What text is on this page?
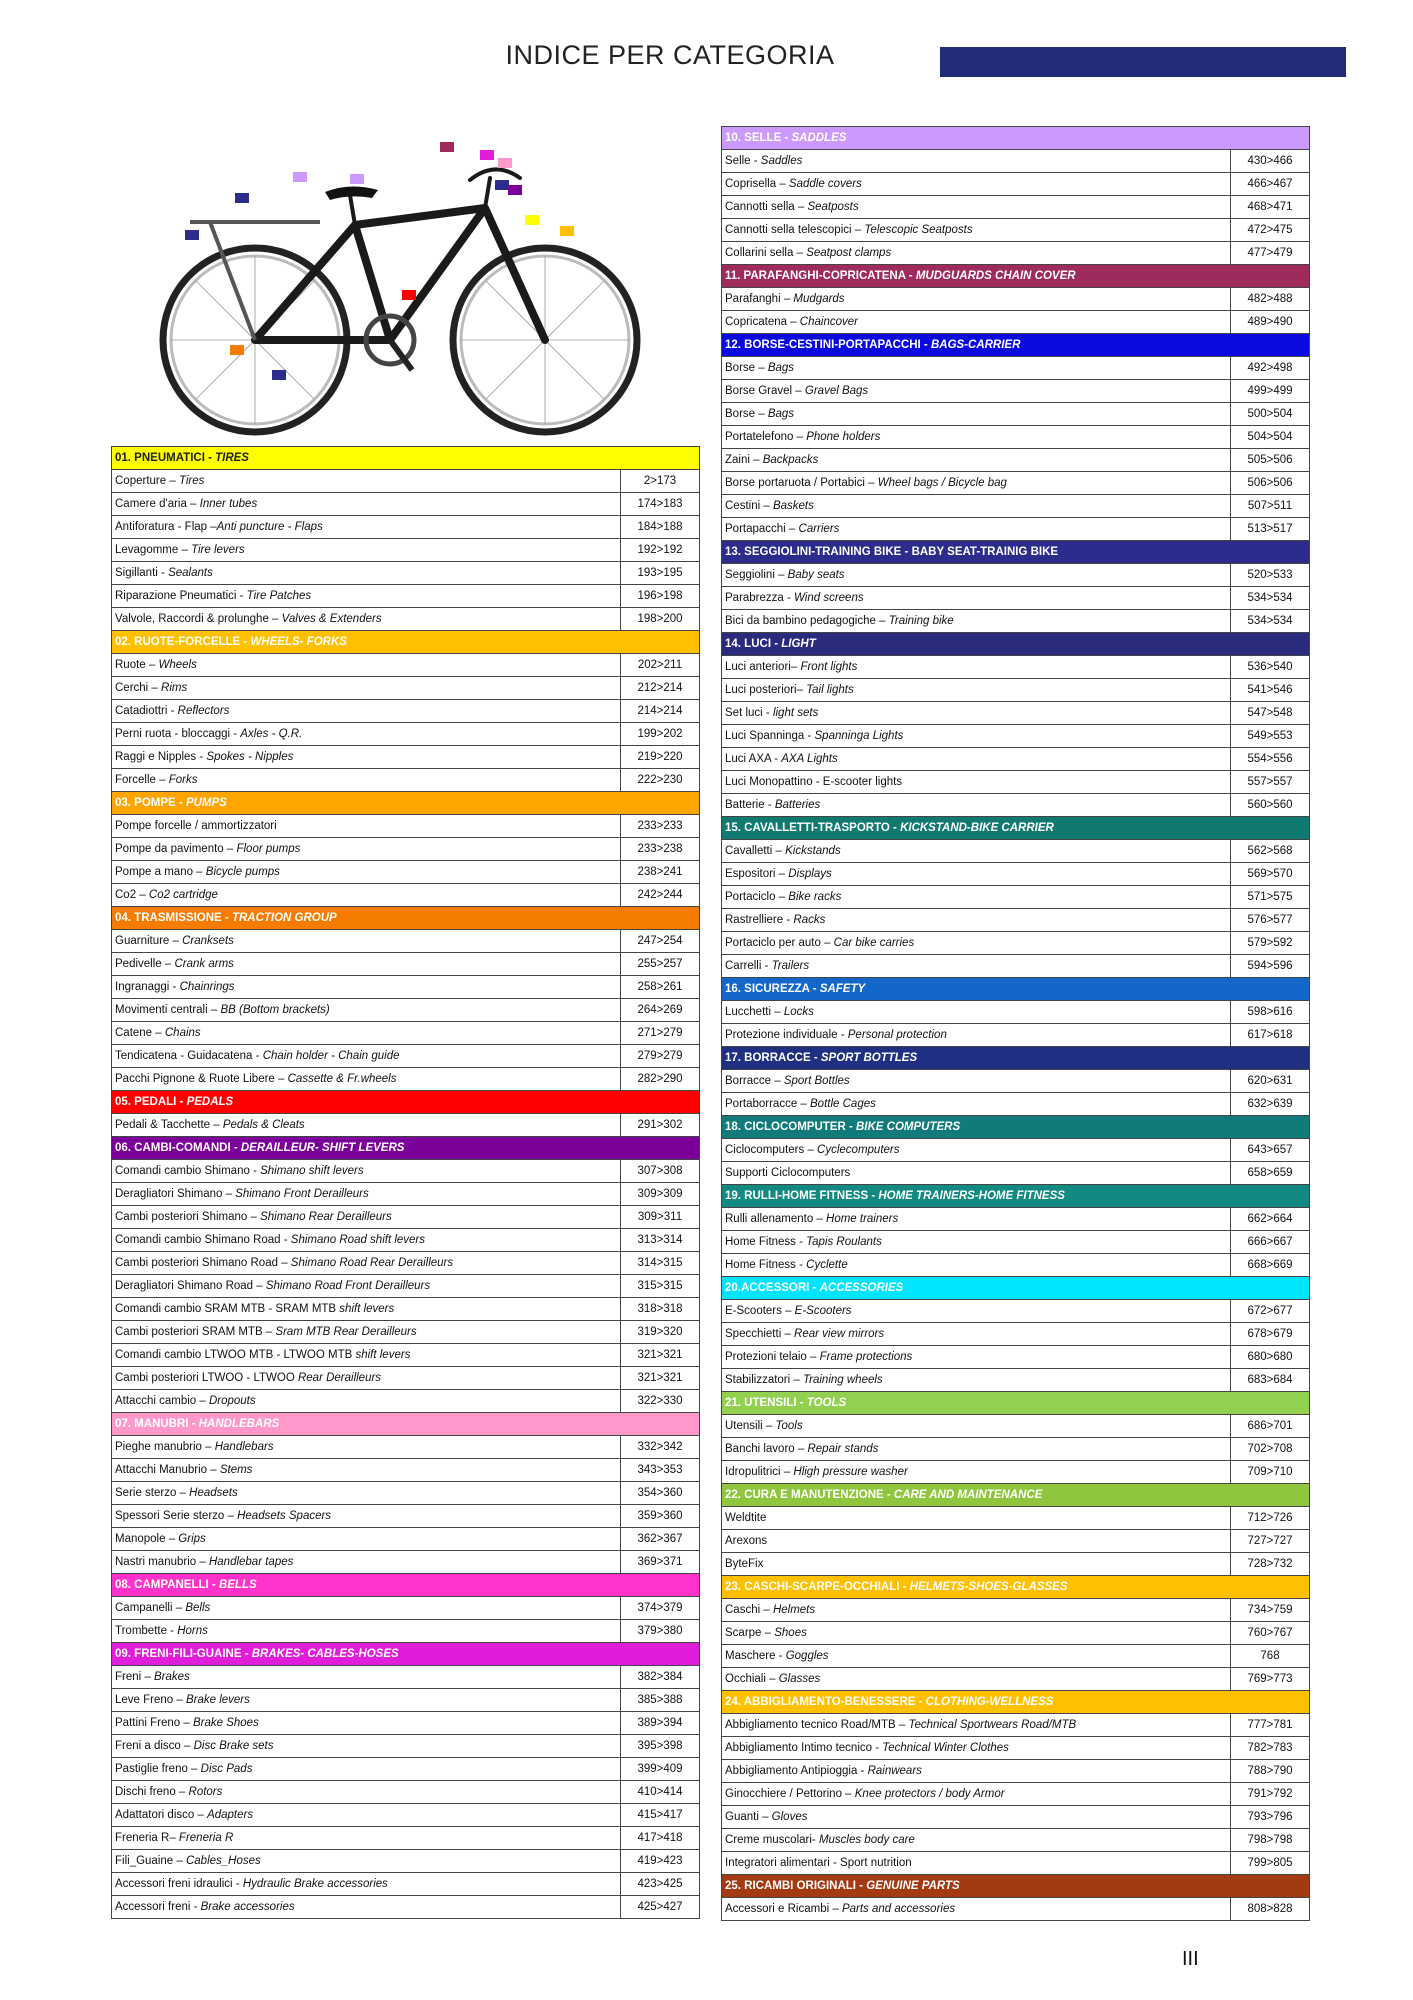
INDICE PER CATEGORIA
01. PNEUMATICI - TIRES
Coperture – Tires	2>173
Camere d'aria – Inner tubes	174>183
Antiforatura - Flap –Anti puncture - Flaps	184>188
Levagomme – Tire levers	192>192
Sigillanti - Sealants	193>195
Riparazione Pneumatici - Tire Patches	196>198
Valvole, Raccordi & prolunghe – Valves & Extenders	198>200
02. RUOTE-FORCELLE - WHEELS- FORKS
Ruote – Wheels	202>211
Cerchi – Rims	212>214
Catadiottri - Reflectors	214>214
Perni ruota - bloccaggi - Axles - Q.R.	199>202
Raggi e Nipples - Spokes - Nipples	219>220
Forcelle – Forks	222>230
03. POMPE - PUMPS
Pompe forcelle / ammortizzatori	233>233
Pompe da pavimento – Floor pumps	233>238
Pompe a mano – Bicycle pumps	238>241
Co2 – Co2 cartridge	242>244
04. TRASMISSIONE - TRACTION GROUP
Guarniture – Cranksets	247>254
Pedivelle – Crank arms	255>257
Ingranaggi - Chainrings	258>261
Movimenti centrali – BB (Bottom brackets)	264>269
Catene – Chains	271>279
Tendicatena - Guidacatena - Chain holder - Chain guide	279>279
Pacchi Pignone & Ruote Libere – Cassette & Fr.wheels	282>290
05. PEDALI - PEDALS
Pedali & Tacchette – Pedals & Cleats	291>302
06. CAMBI-COMANDI - DERAILLEUR- SHIFT LEVERS
Comandi cambio Shimano - Shimano shift levers	307>308
Deragliatori Shimano – Shimano Front Derailleurs	309>309
Cambi posteriori Shimano – Shimano Rear Derailleurs	309>311
Comandi cambio Shimano Road - Shimano Road shift levers	313>314
Cambi posteriori Shimano Road – Shimano Road Rear Derailleurs	314>315
Deragliatori Shimano Road – Shimano Road Front Derailleurs	315>315
Comandi cambio SRAM MTB - SRAM MTB shift levers	318>318
Cambi posteriori SRAM MTB – Sram MTB Rear Derailleurs	319>320
Comandi cambio LTWOO MTB - LTWOO MTB shift levers	321>321
Cambi posteriori LTWOO - LTWOO Rear Derailleurs	321>321
Attacchi cambio – Dropouts	322>330
07. MANUBRI - HANDLEBARS
Pieghe manubrio – Handlebars	332>342
Attacchi Manubrio – Stems	343>353
Serie sterzo – Headsets	354>360
Spessori Serie sterzo – Headsets Spacers	359>360
Manopole – Grips	362>367
Nastri manubrio – Handlebar tapes	369>371
08. CAMPANELLI - BELLS
Campanelli – Bells	374>379
Trombette - Horns	379>380
09. FRENI-FILI-GUAINE - BRAKES- CABLES-HOSES
Freni – Brakes	382>384
Leve Freno – Brake levers	385>388
Pattini Freno – Brake Shoes	389>394
Freni a disco – Disc Brake sets	395>398
Pastiglie freno – Disc Pads	399>409
Dischi freno – Rotors	410>414
Adattatori disco – Adapters	415>417
Freneria R– Freneria R	417>418
Fili_Guaine – Cables_Hoses	419>423
Accessori freni idraulici - Hydraulic Brake accessories	423>425
Accessori freni - Brake accessories	425>427
10. SELLE - SADDLES
Selle - Saddles	430>466
Coprisella – Saddle covers	466>467
Cannotti sella – Seatposts	468>471
Cannotti sella telescopici – Telescopic Seatposts	472>475
Collarini sella – Seatpost clamps	477>479
11. PARAFANGHI-COPRICATENA - MUDGUARDS CHAIN COVER
Parafanghi – Mudgards	482>488
Copricatena – Chaincover	489>490
12. BORSE-CESTINI-PORTAPACCHI - BAGS-CARRIER
Borse – Bags	492>498
Borse Gravel – Gravel Bags	499>499
Borse – Bags	500>504
Portatelefono – Phone holders	504>504
Zaini – Backpacks	505>506
Borse portaruota / Portabici – Wheel bags / Bicycle bag	506>506
Cestini – Baskets	507>511
Portapacchi – Carriers	513>517
13. SEGGIOLINI-TRAINING BIKE - BABY SEAT-TRAINIG BIKE
Seggiolini – Baby seats	520>533
Parabrezza - Wind screens	534>534
Bici da bambino pedagogiche – Training bike	534>534
14. LUCI - LIGHT
Luci anteriori– Front lights	536>540
Luci posteriori– Tail lights	541>546
Set luci - light sets	547>548
Luci Spanninga - Spanninga Lights	549>553
Luci AXA - AXA Lights	554>556
Luci Monopattino - E-scooter lights	557>557
Batterie - Batteries	560>560
15. CAVALLETTI-TRASPORTO - KICKSTAND-BIKE CARRIER
Cavalletti – Kickstands	562>568
Espositori – Displays	569>570
Portaciclo – Bike racks	571>575
Rastrelliere - Racks	576>577
Portaciclo per auto – Car bike carries	579>592
Carrelli - Trailers	594>596
16. SICUREZZA - SAFETY
Lucchetti – Locks	598>616
Protezione individuale - Personal protection	617>618
17. BORRACCE - SPORT BOTTLES
Borracce – Sport Bottles	620>631
Portaborracce – Bottle Cages	632>639
18. CICLOCOMPUTER - BIKE COMPUTERS
Ciclocomputers – Cyclecomputers	643>657
Supporti Ciclocomputers	658>659
19. RULLI-HOME FITNESS - HOME TRAINERS-HOME FITNESS
Rulli allenamento – Home trainers	662>664
Home Fitness - Tapis Roulants	666>667
Home Fitness - Cyclette	668>669
20.ACCESSORI - ACCESSORIES
E-Scooters – E-Scooters	672>677
Specchietti – Rear view mirrors	678>679
Protezioni telaio – Frame protections	680>680
Stabilizzatori – Training wheels	683>684
21. UTENSILI - TOOLS
Utensili – Tools	686>701
Banchi lavoro – Repair stands	702>708
Idropulitrici – Hligh pressure washer	709>710
22. CURA E MANUTENZIONE - CARE AND MAINTENANCE
Weldtite	712>726
Arexons	727>727
ByteFix	728>732
23. CASCHI-SCARPE-OCCHIALI - HELMETS-SHOES-GLASSES
Caschi – Helmets	734>759
Scarpe – Shoes	760>767
Maschere - Goggles	768
Occhiali – Glasses	769>773
24. ABBIGLIAMENTO-BENESSERE - CLOTHING-WELLNESS
Abbigliamento tecnico Road/MTB – Technical Sportwears Road/MTB	777>781
Abbigliamento Intimo tecnico - Technical Winter Clothes	782>783
Abbigliamento Antipioggia - Rainwears	788>790
Ginocchiere / Pettorino – Knee protectors / body Armor	791>792
Guanti – Gloves	793>796
Creme muscolari- Muscles body care	798>798
Integratori alimentari - Sport nutrition	799>805
25. RICAMBI ORIGINALI - GENUINE PARTS
Accessori e Ricambi – Parts and accessories	808>828
III
